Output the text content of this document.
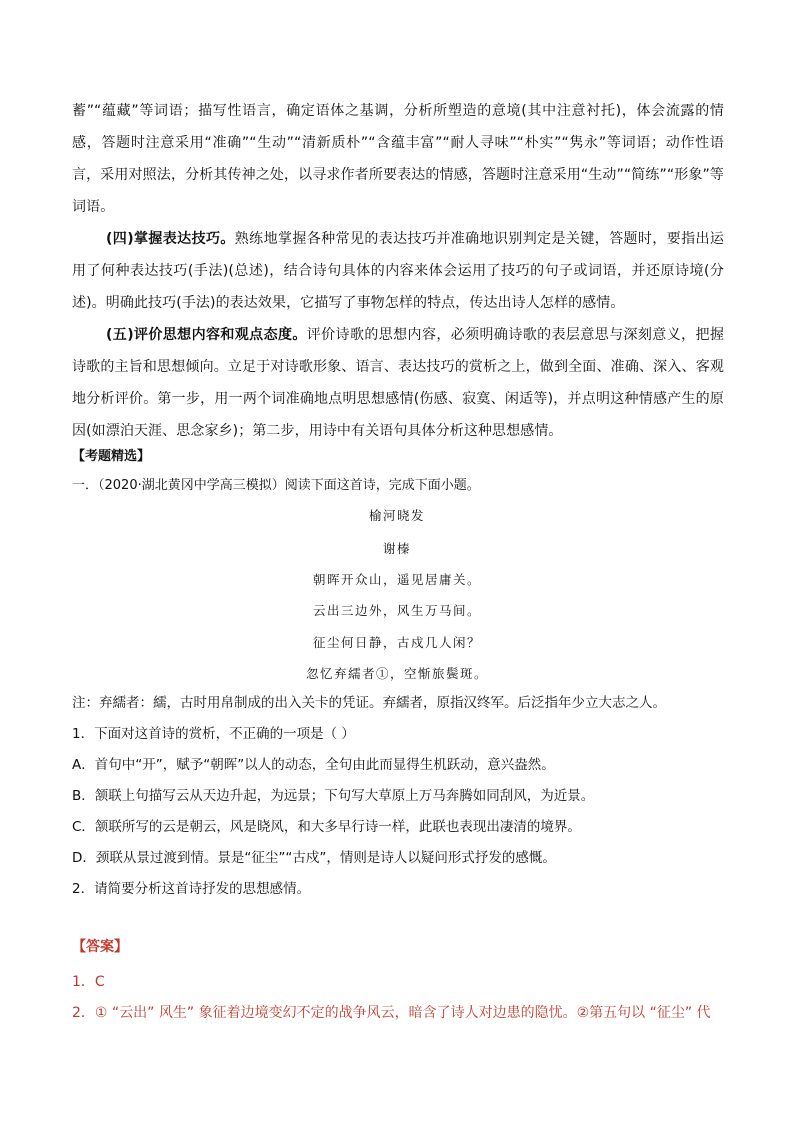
蓄”“蕴藏”等词语；描写性语言，确定语体之基调，分析所塑造的意境(其中注意衬托)，体会流露的情感，答题时注意采用“准确”“生动”“清新质朴”“含蕴丰富”“耐人寻味”“朴实”“隽永”等词语；动作性语言，采用对照法，分析其传神之处，以寻求作者所要表达的情感，答题时注意采用“生动”“简练”“形象”等词语。

(四)掌握表达技巧。熟练地掌握各种常见的表达技巧并准确地识别判定是关键，答题时，要指出运用了何种表达技巧(手法)(总述)，结合诗句具体的内容来体会运用了技巧的句子或词语，并还原诗境(分述)。明确此技巧(手法)的表达效果，它描写了事物怎样的特点，传达出诗人怎样的感情。

(五)评价思想内容和观点态度。评价诗歌的思想内容，必须明确诗歌的表层意思与深刻意义，把握诗歌的主旨和思想倾向。立足于对诗歌形象、语言、表达技巧的赏析之上，做到全面、准确、深入、客观地分析评价。第一步，用一两个词准确地点明思想感情(伤感、寂寞、闲适等)，并点明这种情感产生的原因(如漂泊天涯、思念家乡)；第二步，用诗中有关语句具体分析这种思想感情。

【考题精选】
一．（2020·湖北黄冈中学高三模拟）阅读下面这首诗，完成下面小题。
榆河晓发
谢榛
朝晖开众山，遥见居庸关。
云出三边外，风生万马间。
征尘何日静，古戍几人闲？
忽忆弃繻者①，空惭旅鬓斑。

注：弃繻者：繻，古时用帛制成的出入关卡的凭证。弃繻者，原指汉终军。后泛指年少立大志之人。

1．下面对这首诗的赏析，不正确的一项是（ ）

A．首句中“开”，赋予“朝晖”以人的动态，全句由此而显得生机跃动，意兴盎然。

B．颔联上句描写云从天边升起，为远景；下句写大草原上万马奔腾如同刮风，为近景。

C．颔联所写的云是朝云，风是晓风，和大多早行诗一样，此联也表现出凄清的境界。

D．颈联从景过渡到情。景是“征尘”“古戍”，情则是诗人以疑问形式抒发的感慨。

2．请简要分析这首诗抒发的思想感情。

【答案】
1．C
2．① “云出” 风生” 象征着边境变幻不定的战争风云，暗含了诗人对边患的隐忧。②第五句以 “征尘” 代
